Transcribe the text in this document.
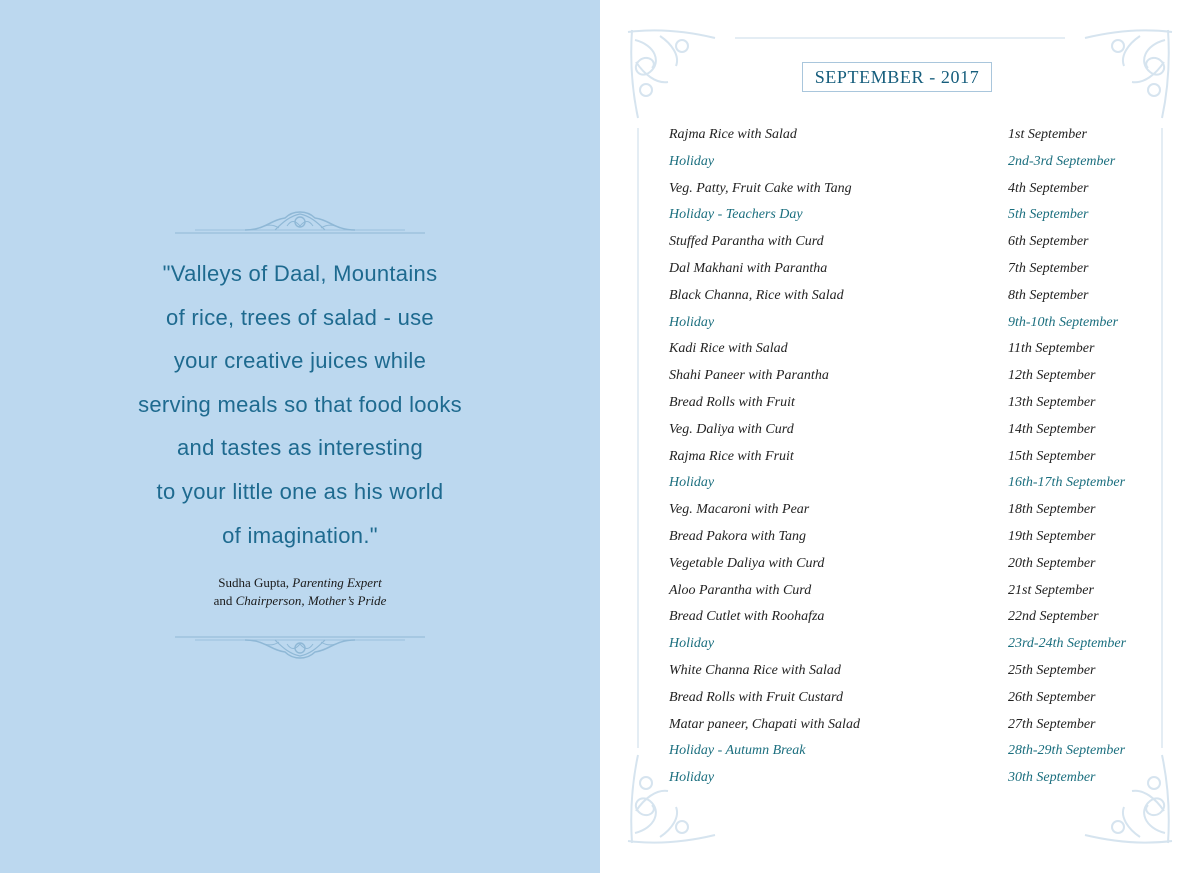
"Valleys of Daal, Mountains
of rice, trees of salad - use
your creative juices while
serving meals so that food looks
and tastes as interesting
to your little one as his world
of imagination."
Sudha Gupta, Parenting Expert
and Chairperson, Mother’s Pride
SEPTEMBER - 2017
Rajma Rice with Salad	1st September
Holiday	2nd-3rd September
Veg. Patty, Fruit Cake with Tang	4th September
Holiday - Teachers Day	5th September
Stuffed Parantha with Curd	6th September
Dal Makhani with Parantha	7th September
Black Channa, Rice with Salad	8th September
Holiday	9th-10th September
Kadi Rice with Salad	11th September
Shahi Paneer with Parantha	12th September
Bread Rolls with Fruit	13th September
Veg. Daliya with Curd	14th September
Rajma Rice with Fruit	15th September
Holiday	16th-17th September
Veg. Macaroni with Pear	18th September
Bread Pakora with Tang	19th September
Vegetable Daliya with Curd	20th September
Aloo Parantha with Curd	21st September
Bread Cutlet with Roohafza	22nd September
Holiday	23rd-24th September
White Channa Rice with Salad	25th September
Bread Rolls with Fruit Custard	26th September
Matar paneer, Chapati with Salad	27th September
Holiday - Autumn Break	28th-29th September
Holiday	30th September
